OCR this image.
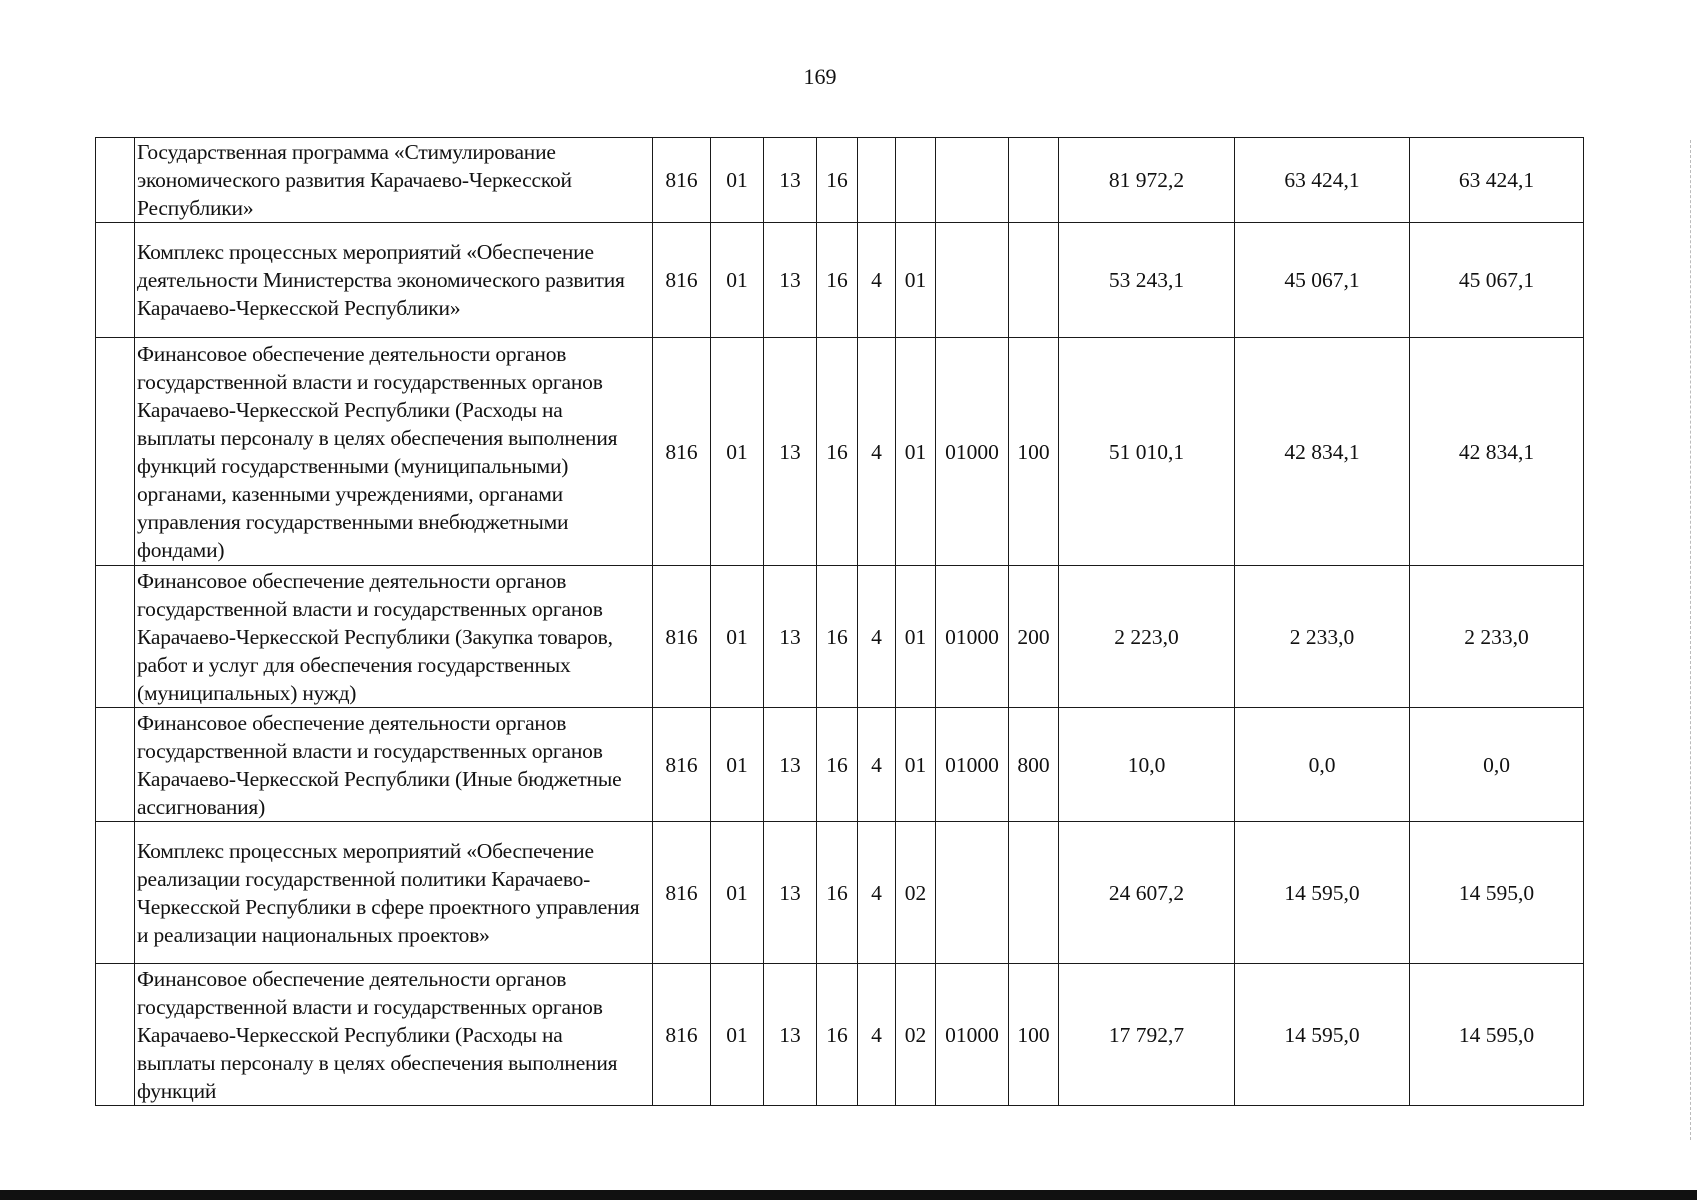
169
	Государственная программа «Стимулирование экономического развития Карачаево-Черкесской Республики»	816	01	13	16					81 972,2	63 424,1	63 424,1
	Комплекс процессных мероприятий «Обеспечение деятельности Министерства экономического развития Карачаево-Черкесской Республики»	816	01	13	16	4	01			53 243,1	45 067,1	45 067,1
	Финансовое обеспечение деятельности органов государственной власти и государственных органов Карачаево-Черкесской Республики (Расходы на выплаты персоналу в целях обеспечения выполнения функций государственными (муниципальными) органами, казенными учреждениями, органами управления государственными внебюджетными фондами)	816	01	13	16	4	01	01000	100	51 010,1	42 834,1	42 834,1
	Финансовое обеспечение деятельности органов государственной власти и государственных органов Карачаево-Черкесской Республики (Закупка товаров, работ и услуг для обеспечения государственных (муниципальных) нужд)	816	01	13	16	4	01	01000	200	2 223,0	2 233,0	2 233,0
	Финансовое обеспечение деятельности органов государственной власти и государственных органов Карачаево-Черкесской Республики (Иные бюджетные ассигнования)	816	01	13	16	4	01	01000	800	10,0	0,0	0,0
	Комплекс процессных мероприятий «Обеспечение реализации государственной политики Карачаево-Черкесской Республики в сфере проектного управления и реализации национальных проектов»	816	01	13	16	4	02			24 607,2	14 595,0	14 595,0
	Финансовое обеспечение деятельности органов государственной власти и государственных органов Карачаево-Черкесской Республики (Расходы на выплаты персоналу в целях обеспечения выполнения функций	816	01	13	16	4	02	01000	100	17 792,7	14 595,0	14 595,0
